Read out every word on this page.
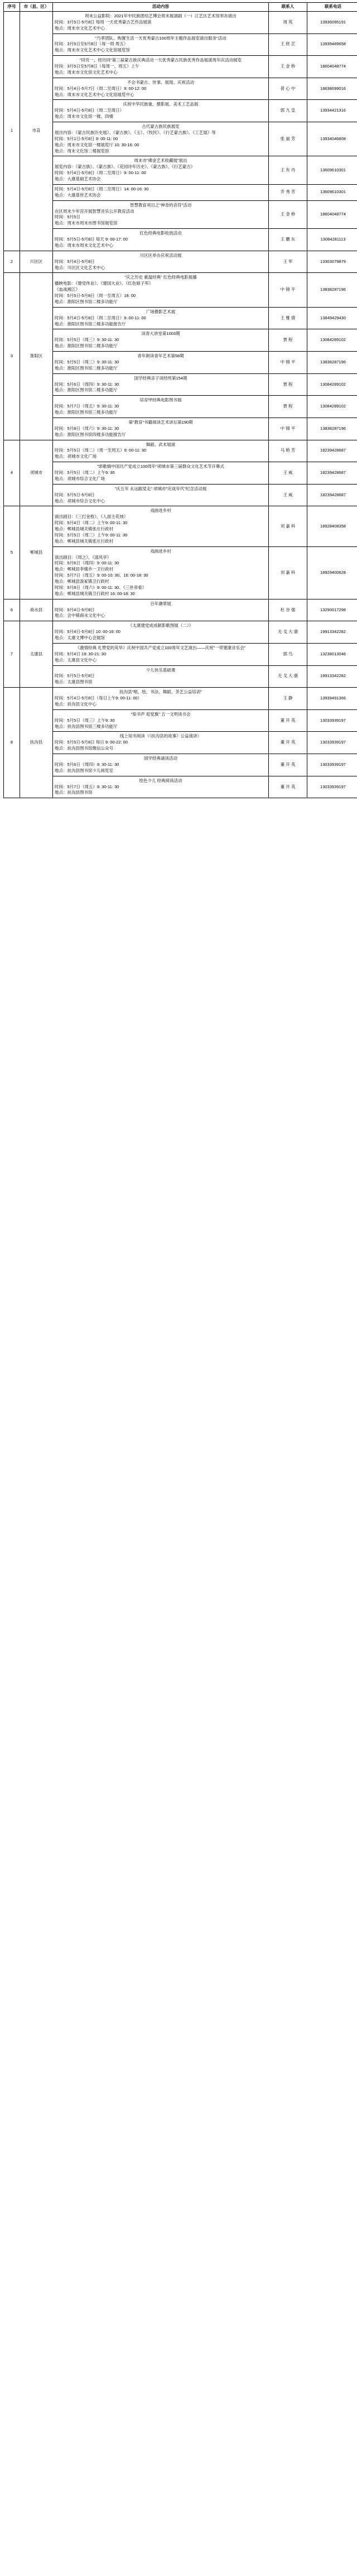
序号	市（县、区）	活动内容	联系人	联系电话
1	市直	周末公益影院：2021年中民族团结艺博会周末展演剧（一）江艺区艺术馆举办演出
时间：3月5日-5月8日 每周 一天优秀蒙古艺作品展演
地点：周末市文化艺术中心	周 英	13936095191

		"乃孝团队、购置生活一天优秀蒙古100周年主题作品展览演出服务"活动
时间：3月5日至5月8日（每一周 周五）
地点：周末市文化艺术中心文化馆展览馆	王 欣 芷	13939489658

		"同页一、经历同"第三届蒙古族庆典活动一天优秀蒙古民族优秀作品展演周年庆活动展览
时间：3月5日至5月8日（每周一、周五）上午
地点：周末市文化馆文化艺术中心	王 金 桥	18604048774

		不会书蒙古、世事、展现、庆祝活动
时间：5月4日-5月7日（周二至周日）9: 00-12: 00
地点：周末市文化艺术中心文化馆展览中心	普 心 中	18638099016

		庆祝中华民族重、摄影展、美术工艺品展
时间：5月4日-5月8日（周二至周日）
地点：周末市文化馆一楼、四楼	郭 九 皇	13934421316

		古代蒙古族民族展览
展出内容：《蒙古民族历史展》、《蒙古族》、《玉》、《牧民》、《行艺蒙古族》、《工艺展》等
时间：5月1日-5月8日 9: 00-11: 00
地点：周末市文化馆一楼展览厅 10: 30-16: 00
地点：周末文化馆二楼展览馆	张 丽 芳	13934046808

		周末市"佛金艺术收藏展"展出
展览内容：《蒙古族》、《蒙古族》、《花园诗年历史》、《蒙古族》、《行艺蒙古》
时间：5月4日-5月8日（周二至周日）9: 00-11: 00
地点：大康基础艺术协会	王 有 丹	13609610301

		时间：5月4日-5月8日（周二至周日）14: 00-16: 30
地点：大康基世艺术协会	乔 秀 芳	13609610301

		智慧教育项目之"神奇的音符"活动
在区周末少年宫开展智慧音乐公开教育活动
时间：5月5日
地点：周末市周末市图书馆展览馆	王 金 桥	18604048774

		红色经典电影收放活动
时间：5月5日-5月8日 每天 9: 00-17: 00
地点：周末市周末文化艺术中心	王 鹏 东	13084281113
2	川区区	川区区举办庆祝活动展
时间：5月4日-5月8日
地点：川区区文化艺术中心	王 军	13303079879
3	淮阳区	"庆之历史 重温经典" 红色经典电影展播
播映电影：《建党伟业》、《建国大业》、《红色娘子军》
《血战湘江》
时间：5月5日-5月8日（周一至周五）18: 00
地点：淮阳区图书馆二楼多功能厅	中 锦 平	13838287196

		广场摄影艺术展
时间：5月4日-5月8日（周二至周日）9: 00-11: 00
地点：淮阳区图书馆三楼多功能报告厅	王 雅 倩	13849429430

		读青大讲堂第1003期
时间：5月5日（周三）9: 30-11: 30
地点：淮阳区图书馆二楼多功能厅	贾 程	13084289102

		青年朗读青年艺术第58期
时间：5月5日（周三）9: 30-11: 30
地点：淮阳区图书馆二楼多功能厅	中 锦 平	13838287196

		国学经典亲子读经班第154期
时间：5月6日（周四）9: 30-11: 30
地点：淮阳区图书馆二楼多功能厅	贾 程	13084289102

		培育甲经典电影图书展
时间：5月7日（周五）9: 30-11: 30
地点：淮阳区图书馆三楼多功能厅	贾 程	13084289102

		第"教育"书籍阅读艺术讲坛第190期
时间：5月8日（周六）9: 30-11: 30
地点：淮阳区图书馆四楼多功能报告厅	中 锦 平	13838287196
4	项城市	舞蹈、武术展演
时间：5月5日（周二）（周一至周五）9: 00-11: 30
地点：项城市文化广场	马 艳 芳	18239428687

		"颂歌缅中国共产党成立100周年"项城市第三届群众文化艺术节开幕式
时间：5月5日（周二）上午9: 30
地点：项城市综合文化广场	王 威	18239428687

		"庆五年 永远跟党走" 项城市"庆成年代"纪念活动展
时间：5月5日-5月8日
地点：项城市综合文化中心	王 威	18239428687
5	郸城县	
戏曲进乡村
演出剧目：《三打金枝》、《人面主花烛》
时间：5月4日（周二）上午9: 00-11: 30
地点：郸城县城关镇张庄行政村
时间：5月5日（周三）上午9: 00-11: 30
地点：郸城县城关镇张庄行政村
	刘 嘉 科	18928408358

戏曲进乡村
演出剧目：《周之》、《清风亭》
时间：5月6日（周四）9: 00-11: 30
地点：郸城县李楼乡一卫行政村
时间：5月7日（周五）9: 00-10: 30、16: 00-18: 30
地点：郸城县汲冢镇卫行政村
时间：5月8日（周六）9: 00-11: 30、《三世帝看》
地点：郸城县城关镇卫行政村 16: 00-18: 30
	刘 嘉 科	18929400628
6	商水县	百年潮翠展
时间：5月4日-5月8日
地点：会中镇商水文化中心	杜 谷 强	13290017298
7	太康县	《太康建党成成献影歌图展（二）》
时间：5月4日-5月8日 10: 00-16: 00
地点：太康文博中心会展馆	无 戈 大 康	19913342282

		《激情经典 礼赞党的英华》庆祝中国共产党成立100周年文艺演出——庆祝"一带建康音乐会"
时间：5月4日 19: 30-21: 30
地点：太康县文化中心	郭 鸟	13238013046

		少儿快乐基础课
时间：5月5日-5月8日
地点：太康县图书馆	无 戈 大 康	19913342282
8	扶沟县	扶沟县"唱、绘、书法、舞蹈、茶艺公益培训"
时间：5月4日-5月8日（每日上午9: 00-11: 00）
地点：扶沟县文化中心	王 静	13939491366

		"知书声 迎党旗" 五一文明读书会
时间：5月5日（周三）上午9: 30
地点：扶沟县图书馆三楼多功能厅	董 开 英	13033939197

		线上知书阅读（《扶沟县的故事》公益演讲）
时间：5月5日-5月8日 每日 9: 00-22: 00
地点：扶沟县图书馆微信公众号	董 开 英	13033939197

		国学经典诵读活动
时间：5月6日（周四）9: 30-11: 30
地点：扶沟县图书馆少儿阅览室	董 开 英	13033939197

		绘色少儿 经典阅读活动
时间：5月7日（周五）9: 30-11: 30
地点：扶沟县图书馆	董 开 英	13033939197
